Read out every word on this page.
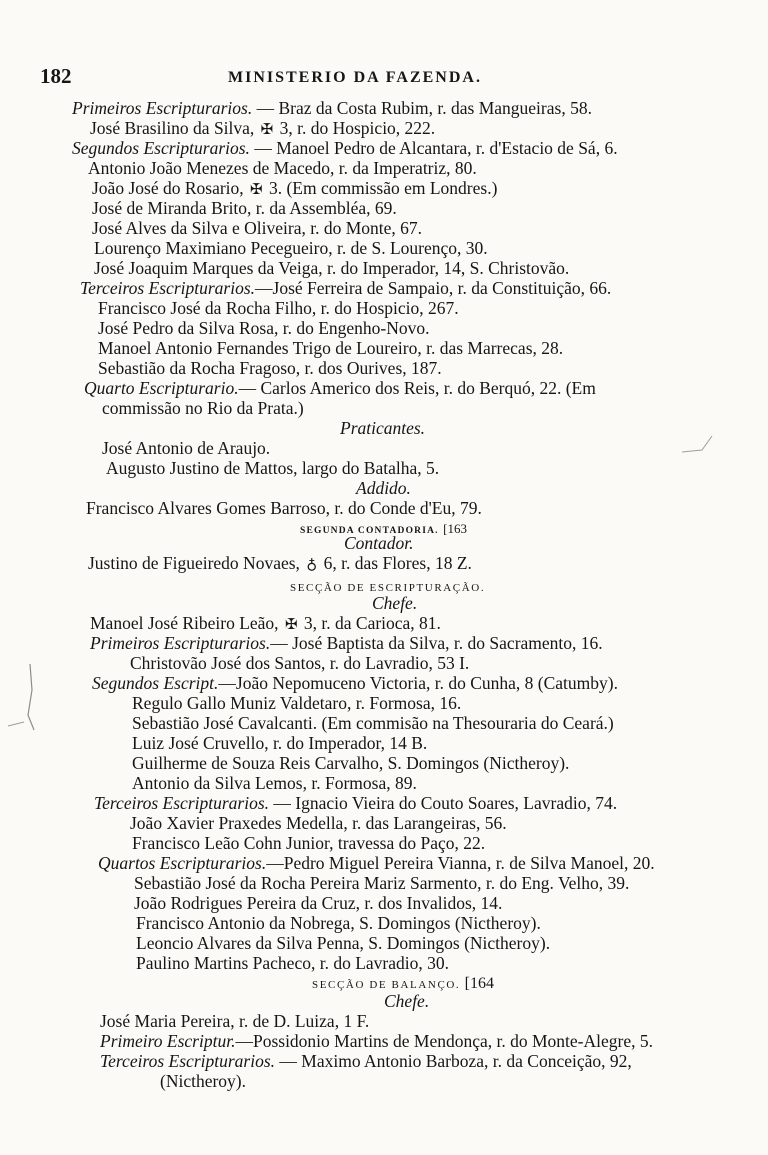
182	MINISTERIO DA FAZENDA.
Primeiros Escripturarios. — Braz da Costa Rubim, r. das Mangueiras, 58.
José Brasilino da Silva, ✠ 3, r. do Hospicio, 222.
Segundos Escripturarios. — Manoel Pedro de Alcantara, r. d'Estacio de Sá, 6.
Antonio João Menezes de Macedo, r. da Imperatriz, 80.
João José do Rosario, ✠ 3. (Em commissão em Londres.)
José de Miranda Brito, r. da Assembléa, 69.
José Alves da Silva e Oliveira, r. do Monte, 67.
Lourenço Maximiano Pecegueiro, r. de S. Lourenço, 30.
José Joaquim Marques da Veiga, r. do Imperador, 14, S. Christovão.
Terceiros Escripturarios.—José Ferreira de Sampaio, r. da Constituição, 66.
Francisco José da Rocha Filho, r. do Hospicio, 267.
José Pedro da Silva Rosa, r. do Engenho-Novo.
Manoel Antonio Fernandes Trigo de Loureiro, r. das Marrecas, 28.
Sebastião da Rocha Fragoso, r. dos Ourives, 187.
Quarto Escripturario.— Carlos Americo dos Reis, r. do Berquó, 22. (Em
commissão no Rio da Prata.)
Praticantes.
José Antonio de Araujo.
Augusto Justino de Mattos, largo do Batalha, 5.
Addido.
Francisco Alvares Gomes Barroso, r. do Conde d'Eu, 79.
SEGUNDA CONTADORIA. [163
Contador.
Justino de Figueiredo Novaes, ♁ 6, r. das Flores, 18 Z.
SECÇÃO DE ESCRIPTURAÇÃO.
Chefe.
Manoel José Ribeiro Leão, ✠ 3, r. da Carioca, 81.
Primeiros Escripturarios.— José Baptista da Silva, r. do Sacramento, 16.
Christovão José dos Santos, r. do Lavradio, 53 I.
Segundos Escript.—João Nepomuceno Victoria, r. do Cunha, 8 (Catumby).
Regulo Gallo Muniz Valdetaro, r. Formosa, 16.
Sebastião José Cavalcanti. (Em commisão na Thesouraria do Ceará.)
Luiz José Cruvello, r. do Imperador, 14 B.
Guilherme de Souza Reis Carvalho, S. Domingos (Nictheroy).
Antonio da Silva Lemos, r. Formosa, 89.
Terceiros Escripturarios. — Ignacio Vieira do Couto Soares, Lavradio, 74.
João Xavier Praxedes Medella, r. das Larangeiras, 56.
Francisco Leão Cohn Junior, travessa do Paço, 22.
Quartos Escripturarios.—Pedro Miguel Pereira Vianna, r. de Silva Manoel, 20.
Sebastião José da Rocha Pereira Mariz Sarmento, r. do Eng. Velho, 39.
João Rodrigues Pereira da Cruz, r. dos Invalidos, 14.
Francisco Antonio da Nobrega, S. Domingos (Nictheroy).
Leoncio Alvares da Silva Penna, S. Domingos (Nictheroy).
Paulino Martins Pacheco, r. do Lavradio, 30.
SECÇÃO DE BALANÇO. [164
Chefe.
José Maria Pereira, r. de D. Luiza, 1 F.
Primeiro Escriptur.—Possidonio Martins de Mendonça, r. do Monte-Alegre, 5.
Terceiros Escripturarios. — Maximo Antonio Barboza, r. da Conceição, 92,
(Nictheroy).
